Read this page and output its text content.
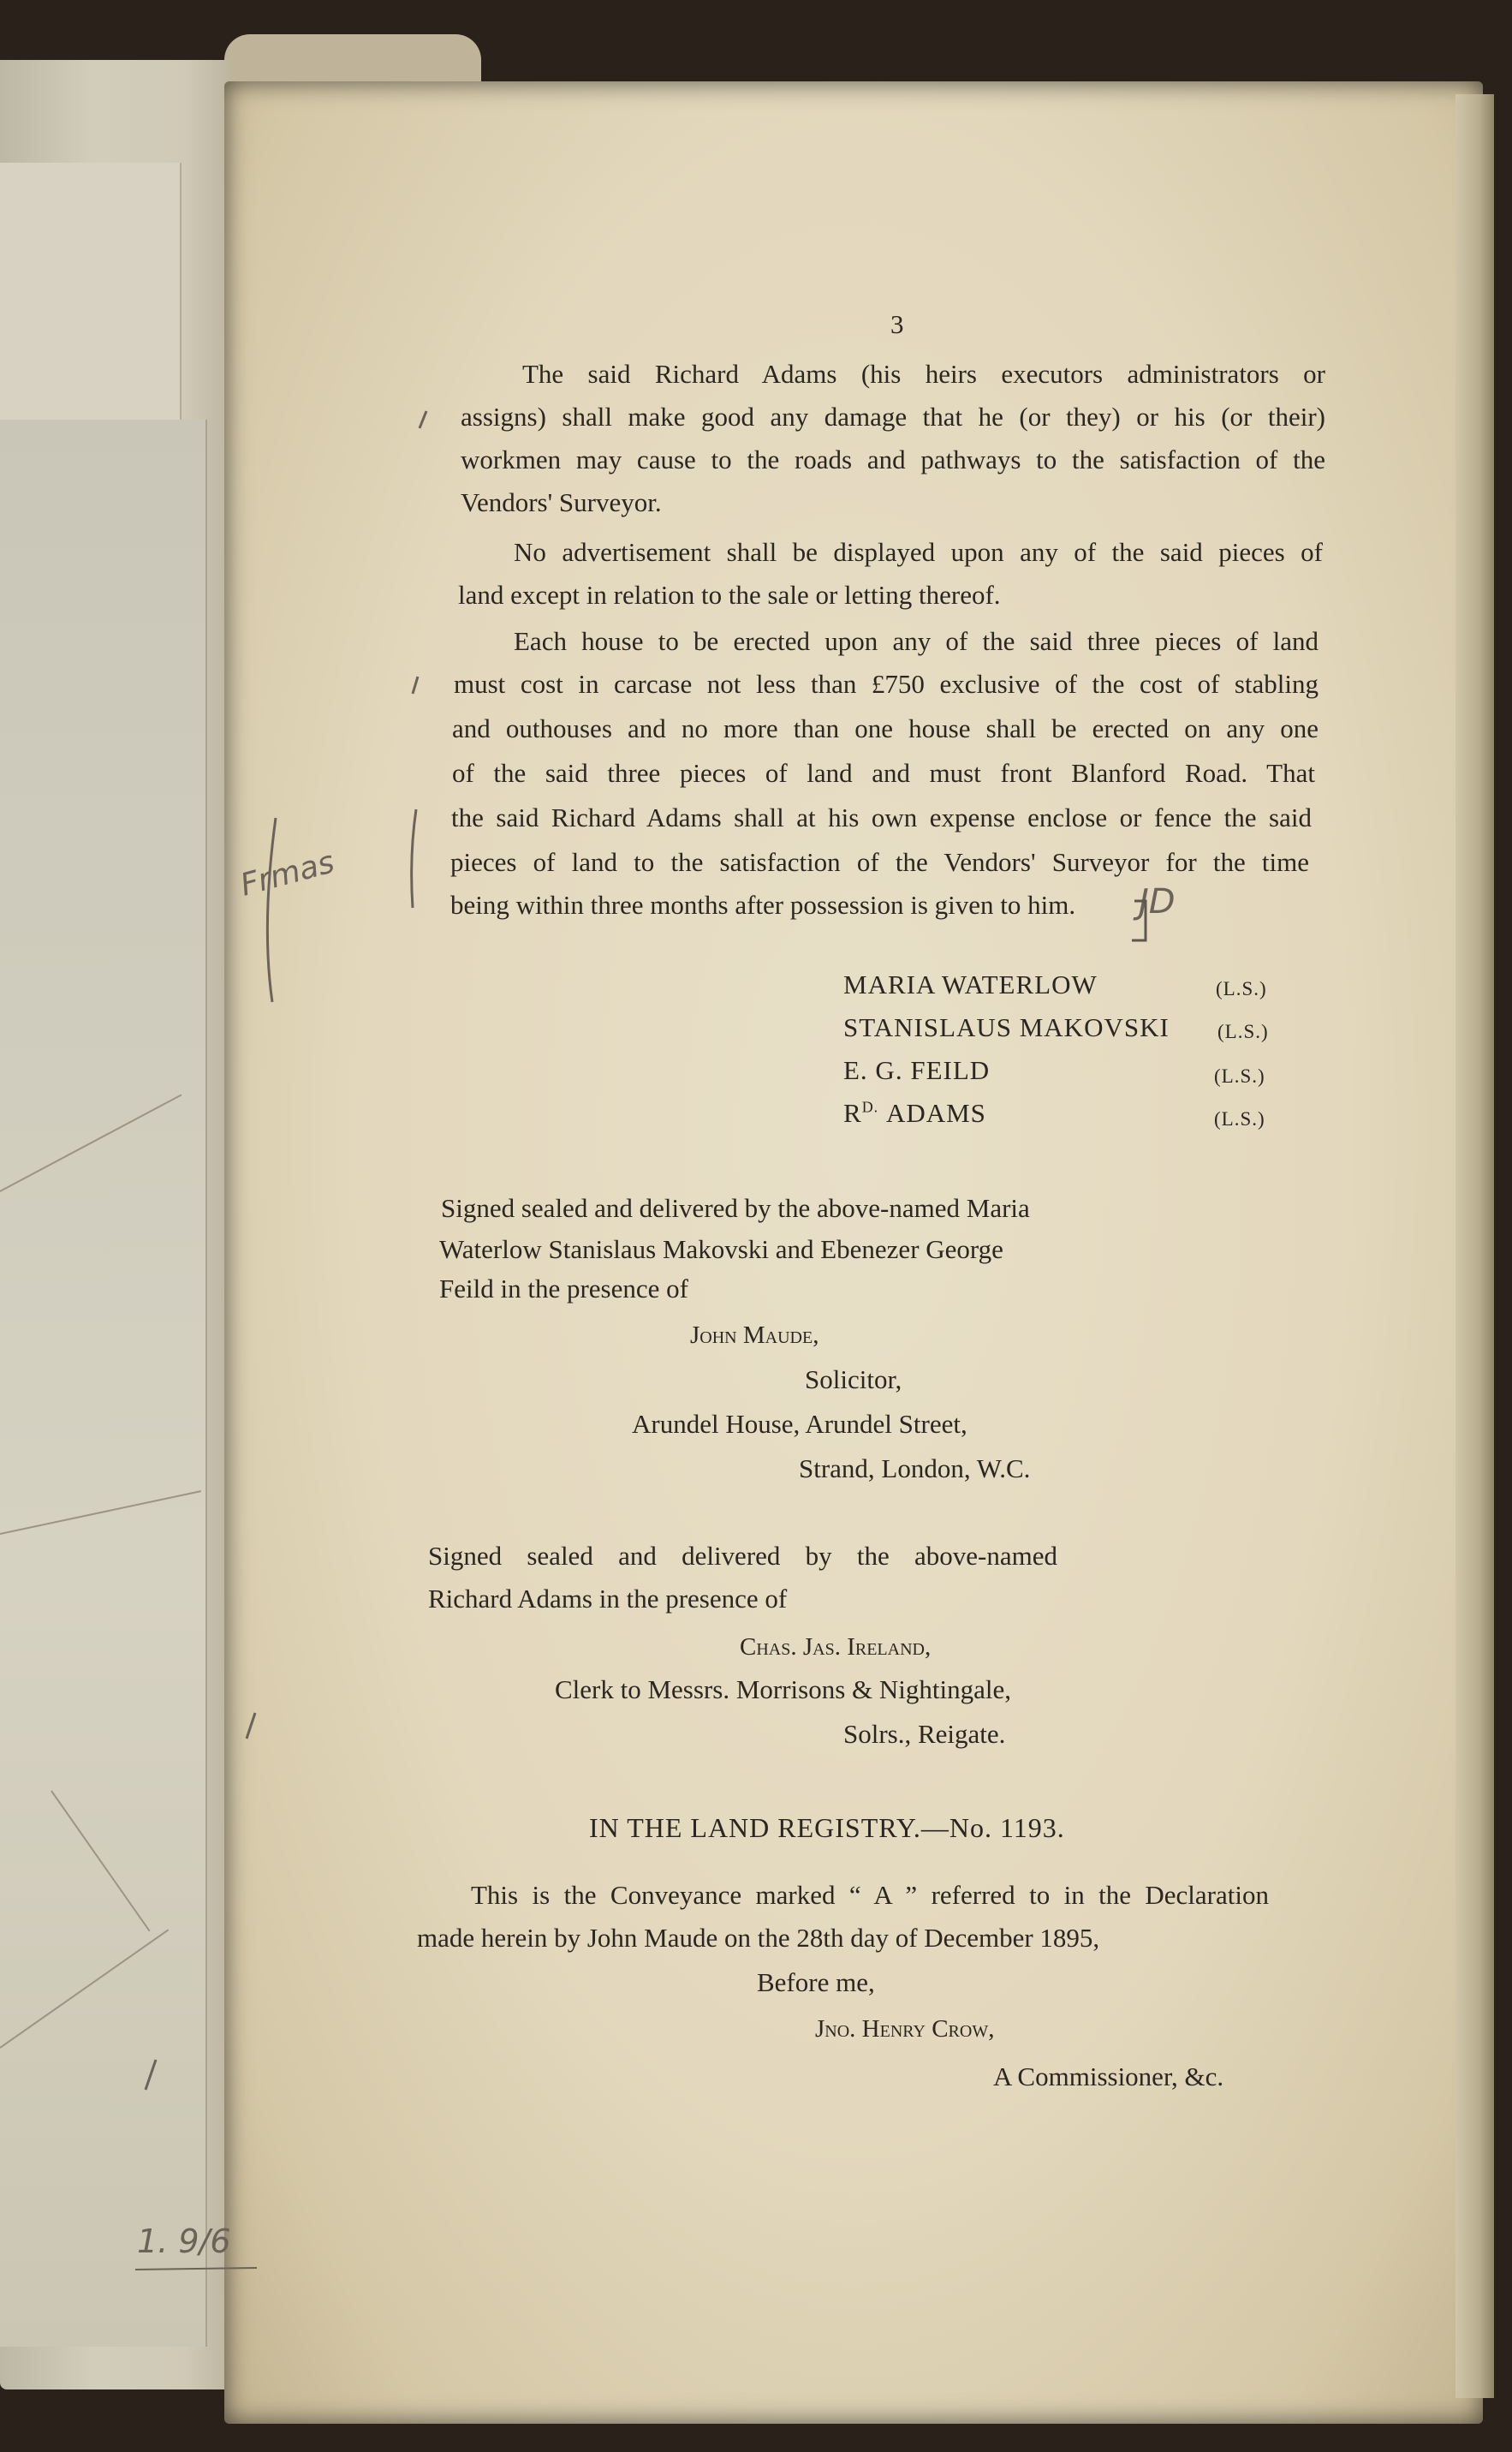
3
The said Richard Adams (his heirs executors administrators or
assigns) shall make good any damage that he (or they) or his (or their)
workmen may cause to the roads and pathways to the satisfaction of the
Vendors' Surveyor.
No advertisement shall be displayed upon any of the said pieces of
land except in relation to the sale or letting thereof.
Each house to be erected upon any of the said three pieces of land
must cost in carcase not less than £750 exclusive of the cost of stabling
and outhouses and no more than one house shall be erected on any one
of the said three pieces of land and must front Blanford Road. That
the said Richard Adams shall at his own expense enclose or fence the said
pieces of land to the satisfaction of the Vendors' Surveyor for the time
being within three months after possession is given to him. JD
MARIA WATERLOW	(L.S.)
STANISLAUS MAKOVSKI (L.S.)
E. G. FEILD	(L.S.)
$R^{D.}$ ADAMS	(L.S.)
Signed sealed and delivered by the above-named Maria
Waterlow Stanislaus Makovski and Ebenezer George
Feild in the presence of
John Maude,
Solicitor,
Arundel House, Arundel Street,
Strand, London, W.C.
Signed sealed and delivered by the above-named
Richard Adams in the presence of
Chas. Jas. Ireland,
Clerk to Messrs. Morrisons & Nightingale,
Solrs., Reigate.
IN THE LAND REGISTRY.—No. 1193.
This is the Conveyance marked “ A ” referred to in the Declaration
made herein by John Maude on the 28th day of December 1895,
Before me,
Jno. Henry Crow,
A Commissioner, &c.
Frmas
1. 9/6
